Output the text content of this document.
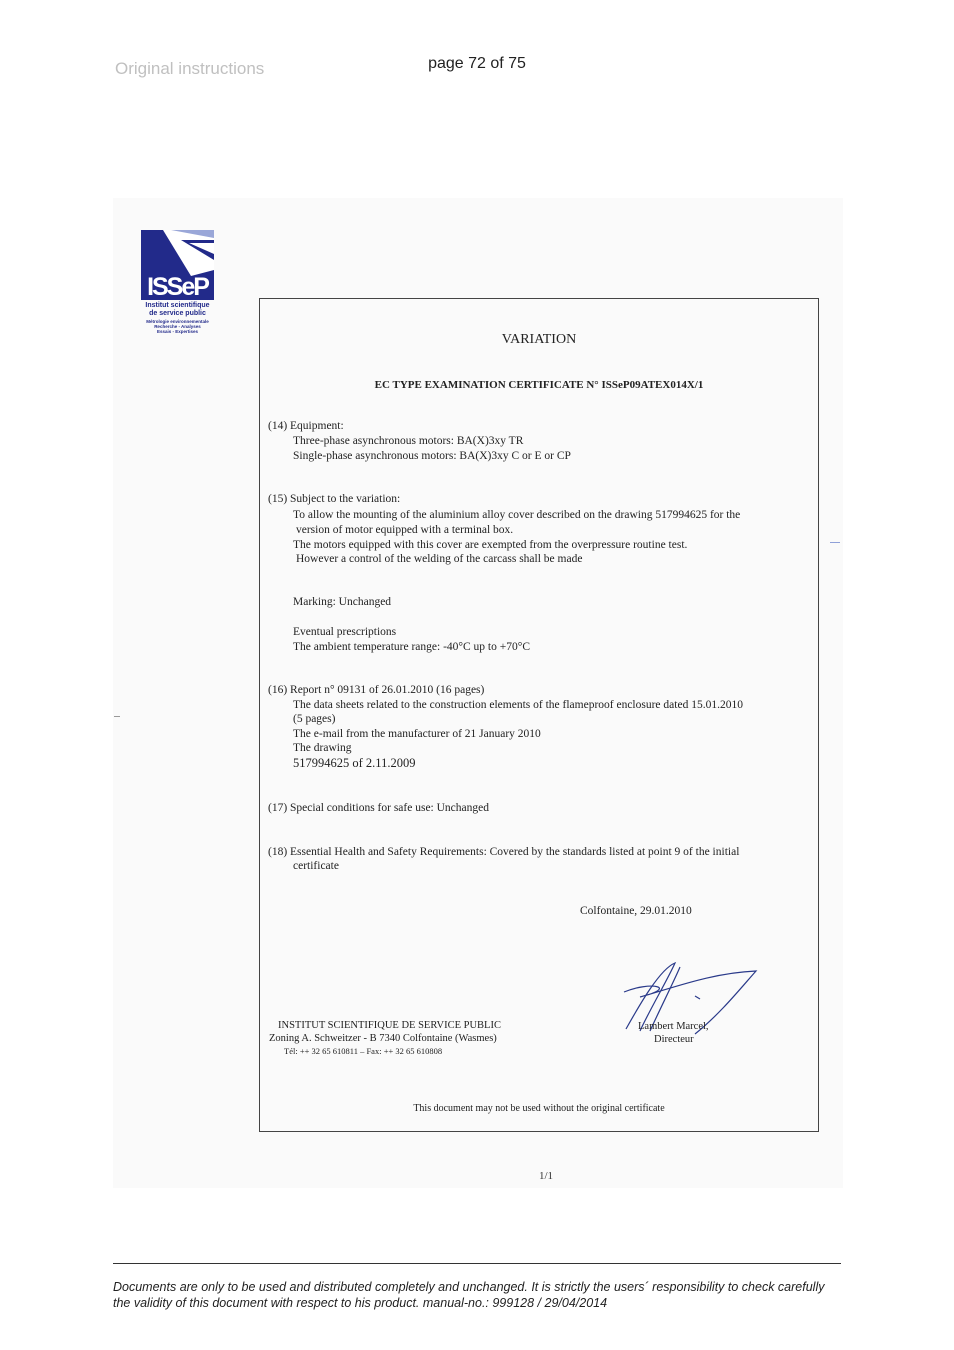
Original instructions	page 72 of 75
ISSeP
Institut scientifique
de service public
Métrologie environnementale
Recherche - Analyses
Essais - Expertises
VARIATION
EC TYPE EXAMINATION CERTIFICATE N° ISSeP09ATEX014X/1
(14) Equipment:
Three-phase asynchronous motors: BA(X)3xy TR
Single-phase asynchronous motors: BA(X)3xy C or E or CP
(15) Subject to the variation:
To allow the mounting of the aluminium alloy cover described on the drawing 517994625 for the
version of motor equipped with a terminal box.
The motors equipped with this cover are exempted from the overpressure routine test.
However a control of the welding of the carcass shall be made
Marking: Unchanged
Eventual prescriptions
The ambient temperature range: -40°C up to +70°C
(16) Report n° 09131 of 26.01.2010 (16 pages)
The data sheets related to the construction elements of the flameproof enclosure dated 15.01.2010
(5 pages)
The e-mail from the manufacturer of 21 January 2010
The drawing
517994625 of 2.11.2009
(17) Special conditions for safe use: Unchanged
(18) Essential Health and Safety Requirements: Covered by the standards listed at point 9 of the initial
certificate
Colfontaine, 29.01.2010
INSTITUT SCIENTIFIQUE DE SERVICE PUBLIC
Zoning A. Schweitzer - B 7340 Colfontaine (Wasmes)
Tél: ++ 32 65 610811 – Fax: ++ 32 65 610808
Lambert Marcel,
Directeur
This document may not be used without the original certificate
1/1
Documents are only to be used and distributed completely and unchanged. It is strictly the users´ responsibility to check carefully
the validity of this document with respect to his product. manual-no.: 999128 / 29/04/2014
